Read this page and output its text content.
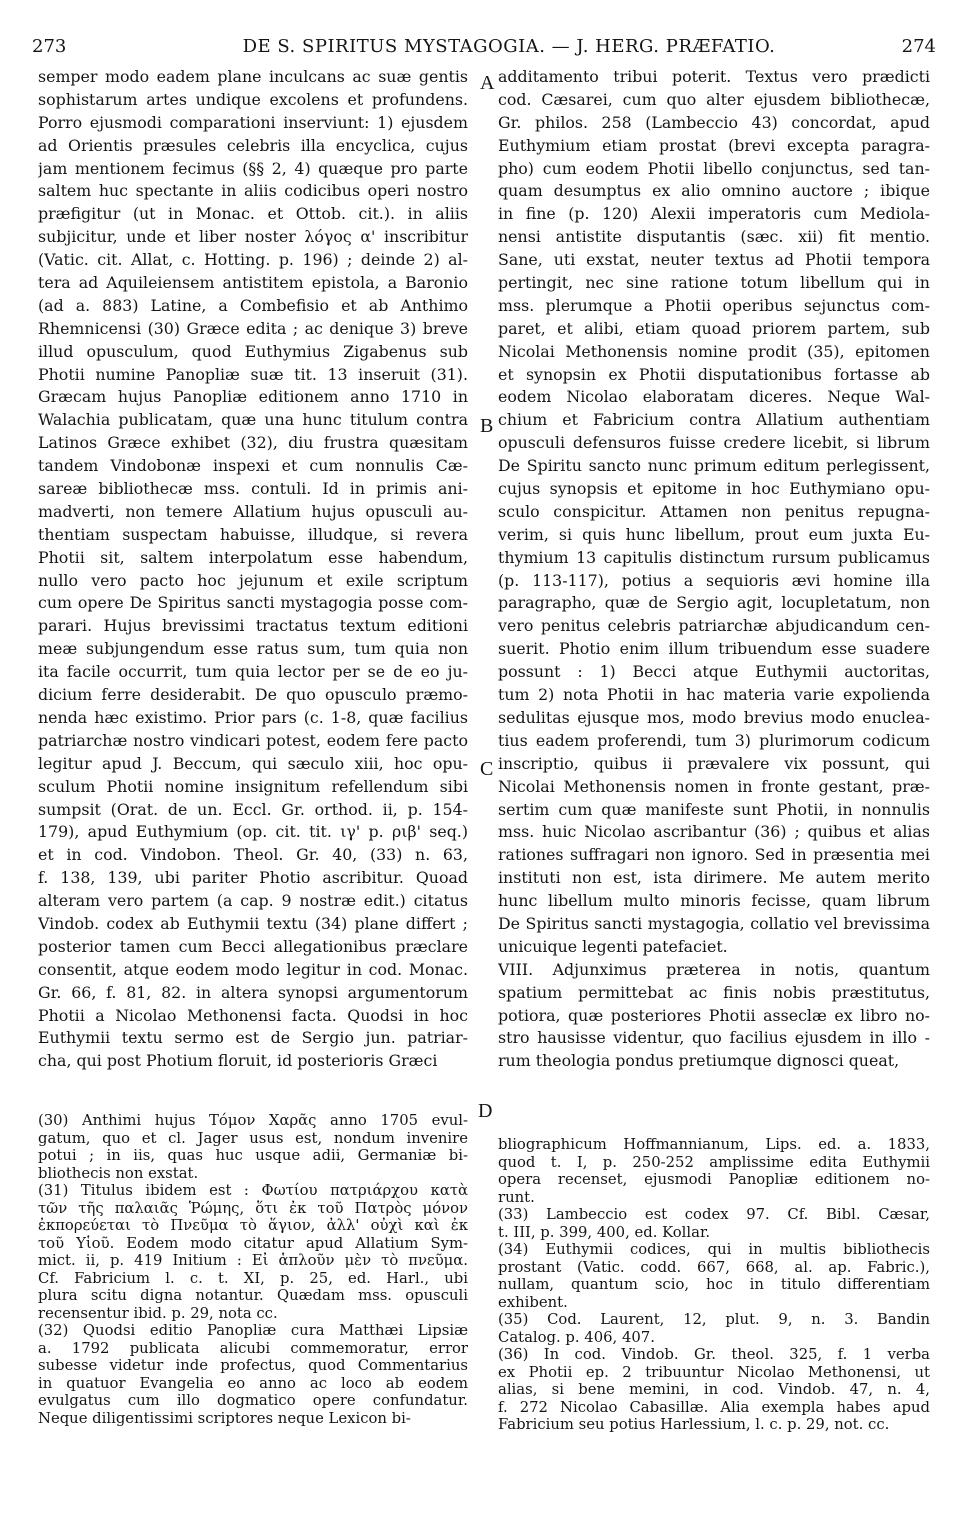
273	DE S. SPIRITUS MYSTAGOGIA. — J. HERG. PRÆFATIO.	274
semper modo eadem plane inculcans ac suæ gentis
sophistarum artes undique excolens et profundens.
Porro ejusmodi comparationi inserviunt: 1) ejusdem
ad Orientis præsules celebris illa encyclica, cujus
jam mentionem fecimus (§§ 2, 4) quæque pro parte
saltem huc spectante in aliis codicibus operi nostro
præfigitur (ut in Monac. et Ottob. cit.). in aliis
subjicitur, unde et liber noster λόγος α' inscribitur
(Vatic. cit. Allat, c. Hotting. p. 196) ; deinde 2) al-
tera ad Aquileiensem antistitem epistola, a Baronio
(ad a. 883) Latine, a Combefisio et ab Anthimo
Rhemnicensi (30) Græce edita ; ac denique 3) breve
illud opusculum, quod Euthymius Zigabenus sub
Photii numine Panopliæ suæ tit. 13 inseruit (31).
Græcam hujus Panopliæ editionem anno 1710 in
Walachia publicatam, quæ una hunc titulum contra
Latinos Græce exhibet (32), diu frustra quæsitam
tandem Vindobonæ inspexi et cum nonnulis Cæ-
sareæ bibliothecæ mss. contuli. Id in primis ani-
madverti, non temere Allatium hujus opusculi au-
thentiam suspectam habuisse, illudque, si revera
Photii sit, saltem interpolatum esse habendum,
nullo vero pacto hoc jejunum et exile scriptum
cum opere De Spiritus sancti mystagogia posse com-
parari. Hujus brevissimi tractatus textum editioni
meæ subjungendum esse ratus sum, tum quia non
ita facile occurrit, tum quia lector per se de eo ju-
dicium ferre desiderabit. De quo opusculo præmo-
nenda hæc existimo. Prior pars (c. 1-8, quæ facilius
patriarchæ nostro vindicari potest, eodem fere pacto
legitur apud J. Beccum, qui sæculo xiii, hoc opu-
sculum Photii nomine insignitum refellendum sibi
sumpsit (Orat. de un. Eccl. Gr. orthod. ii, p. 154-
179), apud Euthymium (op. cit. tit. ιγ' p. ριβ' seq.)
et in cod. Vindobon. Theol. Gr. 40, (33) n. 63,
f. 138, 139, ubi pariter Photio ascribitur. Quoad
alteram vero partem (a cap. 9 nostræ edit.) citatus
Vindob. codex ab Euthymii textu (34) plane differt ;
posterior tamen cum Becci allegationibus præclare
consentit, atque eodem modo legitur in cod. Monac.
Gr. 66, f. 81, 82. in altera synopsi argumentorum
Photii a Nicolao Methonensi facta. Quodsi in hoc
Euthymii textu sermo est de Sergio jun. patriar-
cha, qui post Photium floruit, id posterioris Græci
additamento tribui poterit. Textus vero prædicti
cod. Cæsarei, cum quo alter ejusdem bibliothecæ,
Gr. philos. 258 (Lambeccio 43) concordat, apud
Euthymium etiam prostat (brevi excepta paragra-
pho) cum eodem Photii libello conjunctus, sed tan-
quam desumptus ex alio omnino auctore ; ibique
in fine (p. 120) Alexii imperatoris cum Mediola-
nensi antistite disputantis (sæc. xii) fit mentio.
Sane, uti exstat, neuter textus ad Photii tempora
pertingit, nec sine ratione totum libellum qui in
mss. plerumque a Photii operibus sejunctus com-
paret, et alibi, etiam quoad priorem partem, sub
Nicolai Methonensis nomine prodit (35), epitomen
et synopsin ex Photii disputationibus fortasse ab
eodem Nicolao elaboratam diceres. Neque Wal-
chium et Fabricium contra Allatium authentiam
opusculi defensuros fuisse credere licebit, si librum
De Spiritu sancto nunc primum editum perlegissent,
cujus synopsis et epitome in hoc Euthymiano opu-
sculo conspicitur. Attamen non penitus repugna-
verim, si quis hunc libellum, prout eum juxta Eu-
thymium 13 capitulis distinctum rursum publicamus
(p. 113-117), potius a sequioris ævi homine illa
paragrapho, quæ de Sergio agit, locupletatum, non
vero penitus celebris patriarchæ abjudicandum cen-
suerit. Photio enim illum tribuendum esse suadere
possunt : 1) Becci atque Euthymii auctoritas,
tum 2) nota Photii in hac materia varie expolienda
sedulitas ejusque mos, modo brevius modo enuclea-
tius eadem proferendi, tum 3) plurimorum codicum
inscriptio, quibus ii prævalere vix possunt, qui
Nicolai Methonensis nomen in fronte gestant, præ-
sertim cum quæ manifeste sunt Photii, in nonnulis
mss. huic Nicolao ascribantur (36) ; quibus et alias
rationes suffragari non ignoro. Sed in præsentia mei
instituti non est, ista dirimere. Me autem merito
hunc libellum multo minoris fecisse, quam librum
De Spiritus sancti mystagogia, collatio vel brevissima
unicuique legenti patefaciet.
VIII. Adjunximus præterea in notis, quantum
spatium permittebat ac finis nobis præstitutus,
potiora, quæ posteriores Photii asseclæ ex libro no-
stro hausisse videntur, quo facilius ejusdem in illo -
rum theologia pondus pretiumque dignosci queat,
A
B
C
D
(30) Anthimi hujus Τόμον Χαρᾶς anno 1705 evul-
gatum, quo et cl. Jager usus est, nondum invenire
potui ; in iis, quas huc usque adii, Germaniæ bi-
bliothecis non exstat.
(31) Titulus ibidem est : Φωτίου πατριάρχου κατὰ
τῶν τῆς παλαιᾶς Ῥώμης, ὅτι ἐκ τοῦ Πατρὸς μόνον
ἐκπορεύεται τὸ Πνεῦμα τὸ ἅγιον, ἀλλ' οὐχὶ καὶ ἐκ
τοῦ Υἱοῦ. Eodem modo citatur apud Allatium Sym-
mict. ii, p. 419 Initium : Εἰ ἁπλοῦν μὲν τὸ πνεῦμα.
Cf. Fabricium l. c. t. XI, p. 25, ed. Harl., ubi
plura scitu digna notantur. Quædam mss. opusculi
recensentur ibid. p. 29, nota cc.
(32) Quodsi editio Panopliæ cura Matthæi Lipsiæ
a. 1792 publicata alicubi commemoratur, error
subesse videtur inde profectus, quod Commentarius
in quatuor Evangelia eo anno ac loco ab eodem
evulgatus cum illo dogmatico opere confundatur.
Neque diligentissimi scriptores neque Lexicon bi-
bliographicum Hoffmannianum, Lips. ed. a. 1833,
quod t. I, p. 250-252 amplissime edita Euthymii
opera recenset, ejusmodi Panopliæ editionem no-
runt.
(33) Lambeccio est codex 97. Cf. Bibl. Cæsar,
t. III, p. 399, 400, ed. Kollar.
(34) Euthymii codices, qui in multis bibliothecis
prostant (Vatic. codd. 667, 668, al. ap. Fabric.),
nullam, quantum scio, hoc in titulo differentiam
exhibent.
(35) Cod. Laurent, 12, plut. 9, n. 3. Bandin
Catalog. p. 406, 407.
(36) In cod. Vindob. Gr. theol. 325, f. 1 verba
ex Photii ep. 2 tribuuntur Nicolao Methonensi, ut
alias, si bene memini, in cod. Vindob. 47, n. 4,
f. 272 Nicolao Cabasillæ. Alia exempla habes apud
Fabricium seu potius Harlessium, l. c. p. 29, not. cc.
